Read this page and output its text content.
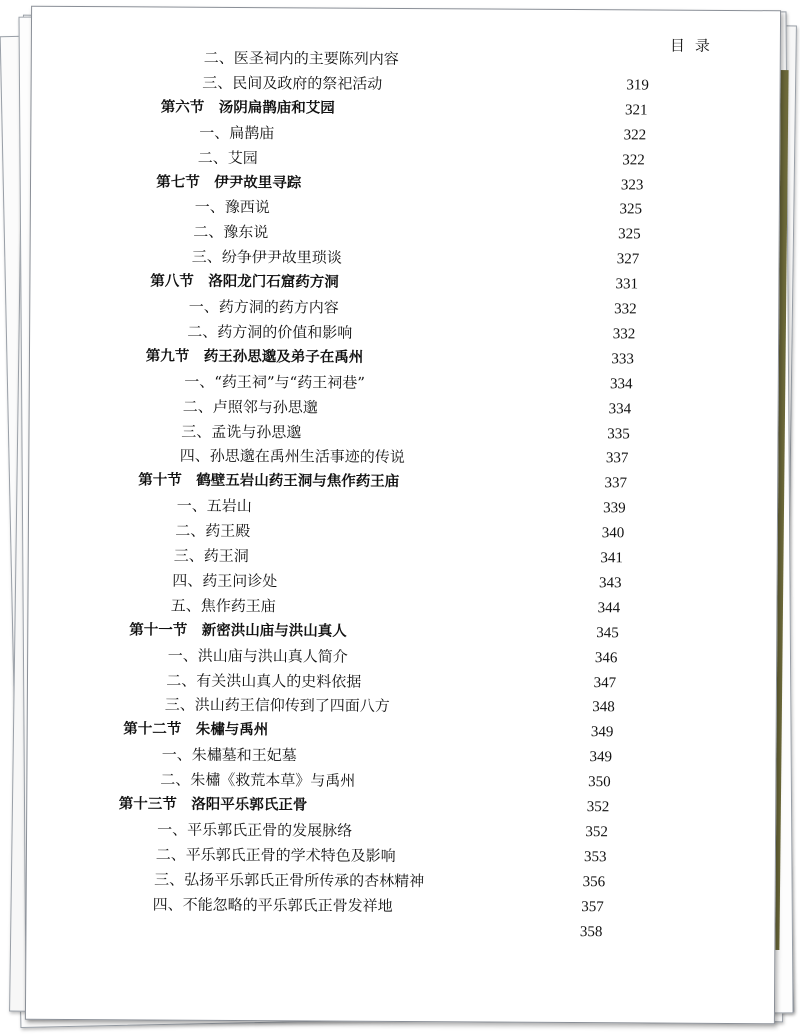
目录
二、医圣祠内的主要陈列内容
三、民间及政府的祭祀活动	319
第六节　汤阴扁鹊庙和艾园	321
一、扁鹊庙	322
二、艾园	322
第七节　伊尹故里寻踪	323
一、豫西说	325
二、豫东说	325
三、纷争伊尹故里琐谈	327
第八节　洛阳龙门石窟药方洞	331
一、药方洞的药方内容	332
二、药方洞的价值和影响	332
第九节　药王孙思邈及弟子在禹州	333
一、“药王祠”与“药王祠巷”	334
二、卢照邻与孙思邈	334
三、孟诜与孙思邈	335
四、孙思邈在禹州生活事迹的传说	337
第十节　鹤壁五岩山药王洞与焦作药王庙	337
一、五岩山	339
二、药王殿	340
三、药王洞	341
四、药王问诊处	343
五、焦作药王庙	344
第十一节　新密洪山庙与洪山真人	345
一、洪山庙与洪山真人简介	346
二、有关洪山真人的史料依据	347
三、洪山药王信仰传到了四面八方	348
第十二节　朱橚与禹州	349
一、朱橚墓和王妃墓	349
二、朱橚《救荒本草》与禹州	350
第十三节　洛阳平乐郭氏正骨	352
一、平乐郭氏正骨的发展脉络	352
二、平乐郭氏正骨的学术特色及影响	353
三、弘扬平乐郭氏正骨所传承的杏林精神	356
四、不能忽略的平乐郭氏正骨发祥地	357
358
